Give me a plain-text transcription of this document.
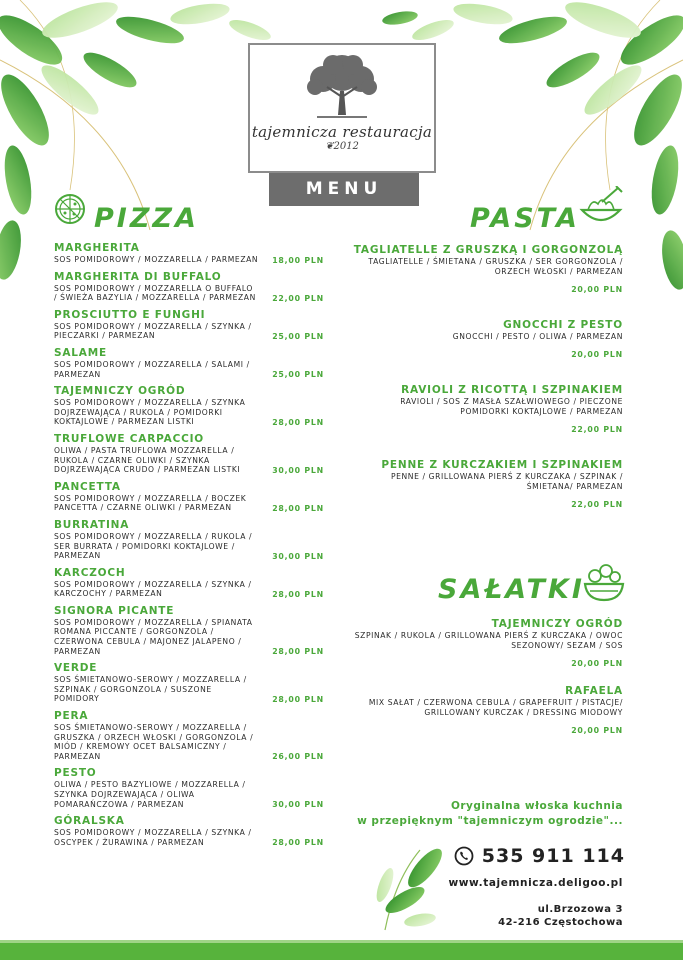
tajemnicza restauracja
❦2012
MENU
PIZZA
MARGHERITA
SOS POMIDOROWY / MOZZARELLA / PARMEZAN 18,00 PLN
MARGHERITA DI BUFFALO
SOS POMIDOROWY / MOZZARELLA O BUFFALO / ŚWIEŻA BAZYLIA / MOZZARELLA / PARMEZAN	22,00 PLN
PROSCIUTTO E FUNGHI
SOS POMIDOROWY / MOZZARELLA / SZYNKA / PIECZARKI / PARMEZAN	25,00 PLN
SALAME
SOS POMIDOROWY / MOZZARELLA / SALAMI / PARMEZAN	25,00 PLN
TAJEMNICZY OGRÓD
SOS POMIDOROWY / MOZZARELLA / SZYNKA DOJRZEWAJĄCA / RUKOLA / POMIDORKI KOKTAJLOWE / PARMEZAN LISTKI	28,00 PLN
TRUFLOWE CARPACCIO
OLIWA / PASTA TRUFLOWA MOZZARELLA / RUKOLA / CZARNE OLIWKI / SZYNKA DOJRZEWAJĄCA CRUDO / PARMEZAN LISTKI	30,00 PLN
PANCETTA
SOS POMIDOROWY / MOZZARELLA / BOCZEK PANCETTA / CZARNE OLIWKI / PARMEZAN	28,00 PLN
BURRATINA
SOS POMIDOROWY / MOZZARELLA / RUKOLA / SER BURRATA / POMIDORKI KOKTAJLOWE / PARMEZAN	30,00 PLN
KARCZOCH
SOS POMIDOROWY / MOZZARELLA / SZYNKA / KARCZOCHY / PARMEZAN	28,00 PLN
SIGNORA PICANTE
SOS POMIDOROWY / MOZZARELLA / SPIANATA ROMANA PICCANTE / GORGONZOLA / CZERWONA CEBULA / MAJONEZ JALAPENO / PARMEZAN	28,00 PLN
VERDE
SOS ŚMIETANOWO-SEROWY / MOZZARELLA / SZPINAK / GORGONZOLA / SUSZONE POMIDORY	28,00 PLN
PERA
SOS ŚMIETANOWO-SEROWY / MOZZARELLA / GRUSZKA / ORZECH WŁOSKI / GORGONZOLA / MIÓD / KREMOWY OCET BALSAMICZNY / PARMEZAN	26,00 PLN
PESTO
OLIWA / PESTO BAZYLIOWE / MOZZARELLA / SZYNKA DOJRZEWAJĄCA / OLIWA POMARAŃCZOWA / PARMEZAN	30,00 PLN
GÓRALSKA
SOS POMIDOROWY / MOZZARELLA / SZYNKA / OSCYPEK / ŻURAWINA / PARMEZAN	28,00 PLN
PASTA
TAGLIATELLE Z GRUSZKĄ I GORGONZOLĄ
TAGLIATELLE / ŚMIETANA / GRUSZKA / SER GORGONZOLA / ORZECH WŁOSKI / PARMEZAN
20,00 PLN
GNOCCHI Z PESTO
GNOCCHI / PESTO / OLIWA / PARMEZAN
20,00 PLN
RAVIOLI Z RICOTTĄ I SZPINAKIEM
RAVIOLI / SOS Z MASŁA SZAŁWIOWEGO / PIECZONE POMIDORKI KOKTAJLOWE / PARMEZAN
22,00 PLN
PENNE Z KURCZAKIEM I SZPINAKIEM
PENNE / GRILLOWANA PIERŚ Z KURCZAKA / SZPINAK / ŚMIETANA/ PARMEZAN
22,00 PLN
SAŁATKI
TAJEMNICZY OGRÓD
SZPINAK / RUKOLA / GRILLOWANA PIERŚ Z KURCZAKA / OWOC SEZONOWY/ SEZAM / SOS
20,00 PLN
RAFAELA
MIX SAŁAT / CZERWONA CEBULA / GRAPEFRUIT / PISTACJE/ GRILLOWANY KURCZAK / DRESSING MIODOWY
20,00 PLN
Oryginalna włoska kuchnia
w przepięknym "tajemniczym ogrodzie"...
535 911 114
www.tajemnicza.deligoo.pl
ul.Brzozowa 3
42-216 Częstochowa
